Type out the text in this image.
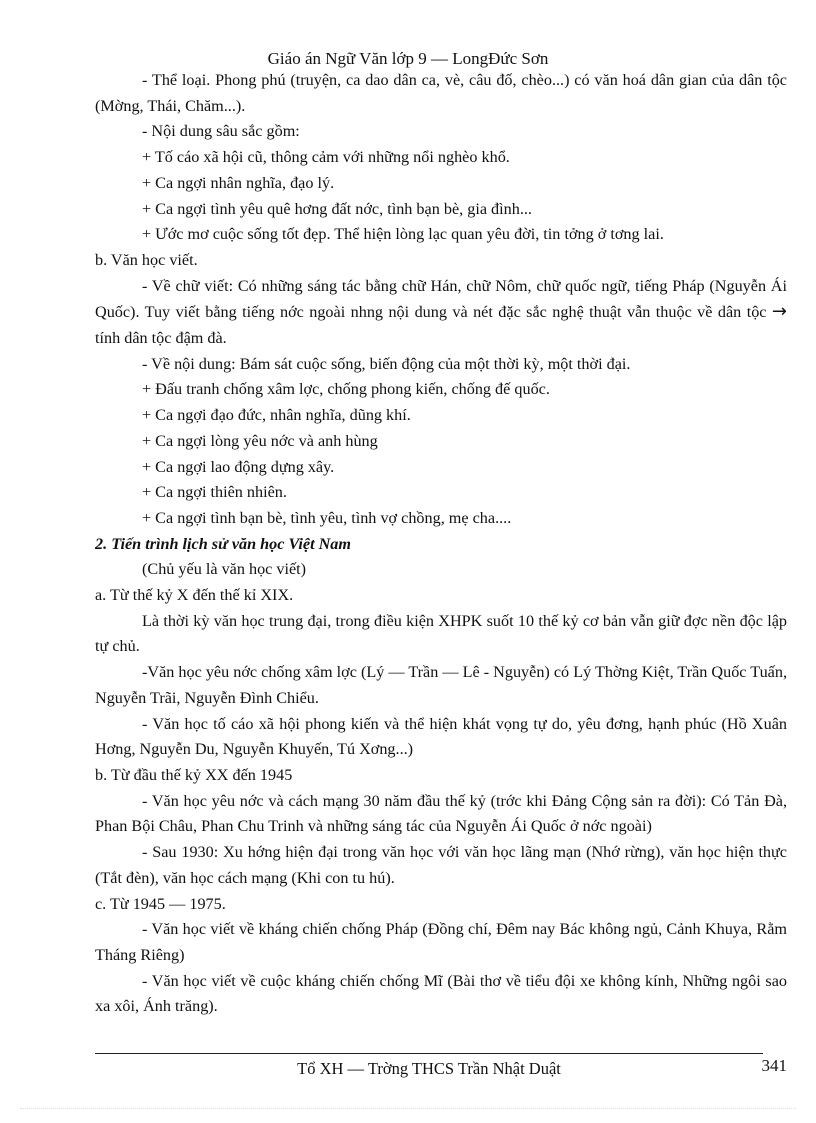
Giáo án Ngữ Văn lớp 9 — LongĐức Sơn

- Thể loại. Phong phú (truyện, ca dao dân ca, vè, câu đố, chèo...) có văn hoá dân gian của dân tộc (Mờng, Thái, Chăm...).

- Nội dung sâu sắc gồm:

+ Tố cáo xã hội cũ, thông cảm với những nổi nghèo khổ.

+ Ca ngợi nhân nghĩa, đạo lý.

+ Ca ngợi tình yêu quê hơng đất nớc, tình bạn bè, gia đình...

+ Ước mơ cuộc sống tốt đẹp. Thể hiện lòng lạc quan yêu đời, tin tởng ở tơng lai.

b. Văn học viết.

- Về chữ viết: Có những sáng tác bằng chữ Hán, chữ Nôm, chữ quốc ngữ, tiếng Pháp (Nguyễn Ái Quốc). Tuy viết bằng tiếng nớc ngoài nhng nội dung và nét đặc sắc nghệ thuật vẫn thuộc về dân tộc → tính dân tộc đậm đà.

- Về nội dung: Bám sát cuộc sống, biến động của một thời kỳ, một thời đại.

+ Đấu tranh chống xâm lợc, chống phong kiến, chống đế quốc.

+ Ca ngợi đạo đức, nhân nghĩa, dũng khí.

+ Ca ngợi lòng yêu nớc và anh hùng

+ Ca ngợi lao động dựng xây.

+ Ca ngợi thiên nhiên.

+ Ca ngợi tình bạn bè, tình yêu, tình vợ chồng, mẹ cha....

2. Tiến trình lịch sử văn học Việt Nam

(Chủ yếu là văn học viết)

a. Từ thế kỷ X đến thế kỉ XIX.

Là thời kỳ văn học trung đại, trong điều kiện XHPK suốt 10 thế kỷ cơ bản vẫn giữ đợc nền độc lập tự chủ.

-Văn học yêu nớc chống xâm lợc (Lý — Trần — Lê - Nguyễn) có Lý Thờng Kiệt, Trần Quốc Tuấn, Nguyễn Trãi, Nguyễn Đình Chiểu.

- Văn học tố cáo xã hội phong kiến và thể hiện khát vọng tự do, yêu đơng, hạnh phúc (Hồ Xuân Hơng, Nguyễn Du, Nguyễn Khuyến, Tú Xơng...)

b. Từ đầu thế kỷ XX đến 1945

- Văn học yêu nớc và cách mạng 30 năm đầu thế kỷ (trớc khi Đảng Cộng sản ra đời): Có Tản Đà, Phan Bội Châu, Phan Chu Trinh và những sáng tác của Nguyễn Ái Quốc ở nớc ngoài)

- Sau 1930: Xu hớng hiện đại trong văn học với văn học lãng mạn (Nhớ rừng), văn học hiện thực (Tắt đèn), văn học cách mạng (Khi con tu hú).

c. Từ 1945 — 1975.

- Văn học viết về kháng chiến chống Pháp (Đồng chí, Đêm nay Bác không ngủ, Cảnh Khuya, Rằm Tháng Riêng)

- Văn học viết về cuộc kháng chiến chống Mĩ (Bài thơ về tiểu đội xe không kính, Những ngôi sao xa xôi, Ánh trăng).

Tổ XH — Trờng THCS Trần Nhật Duật	341
